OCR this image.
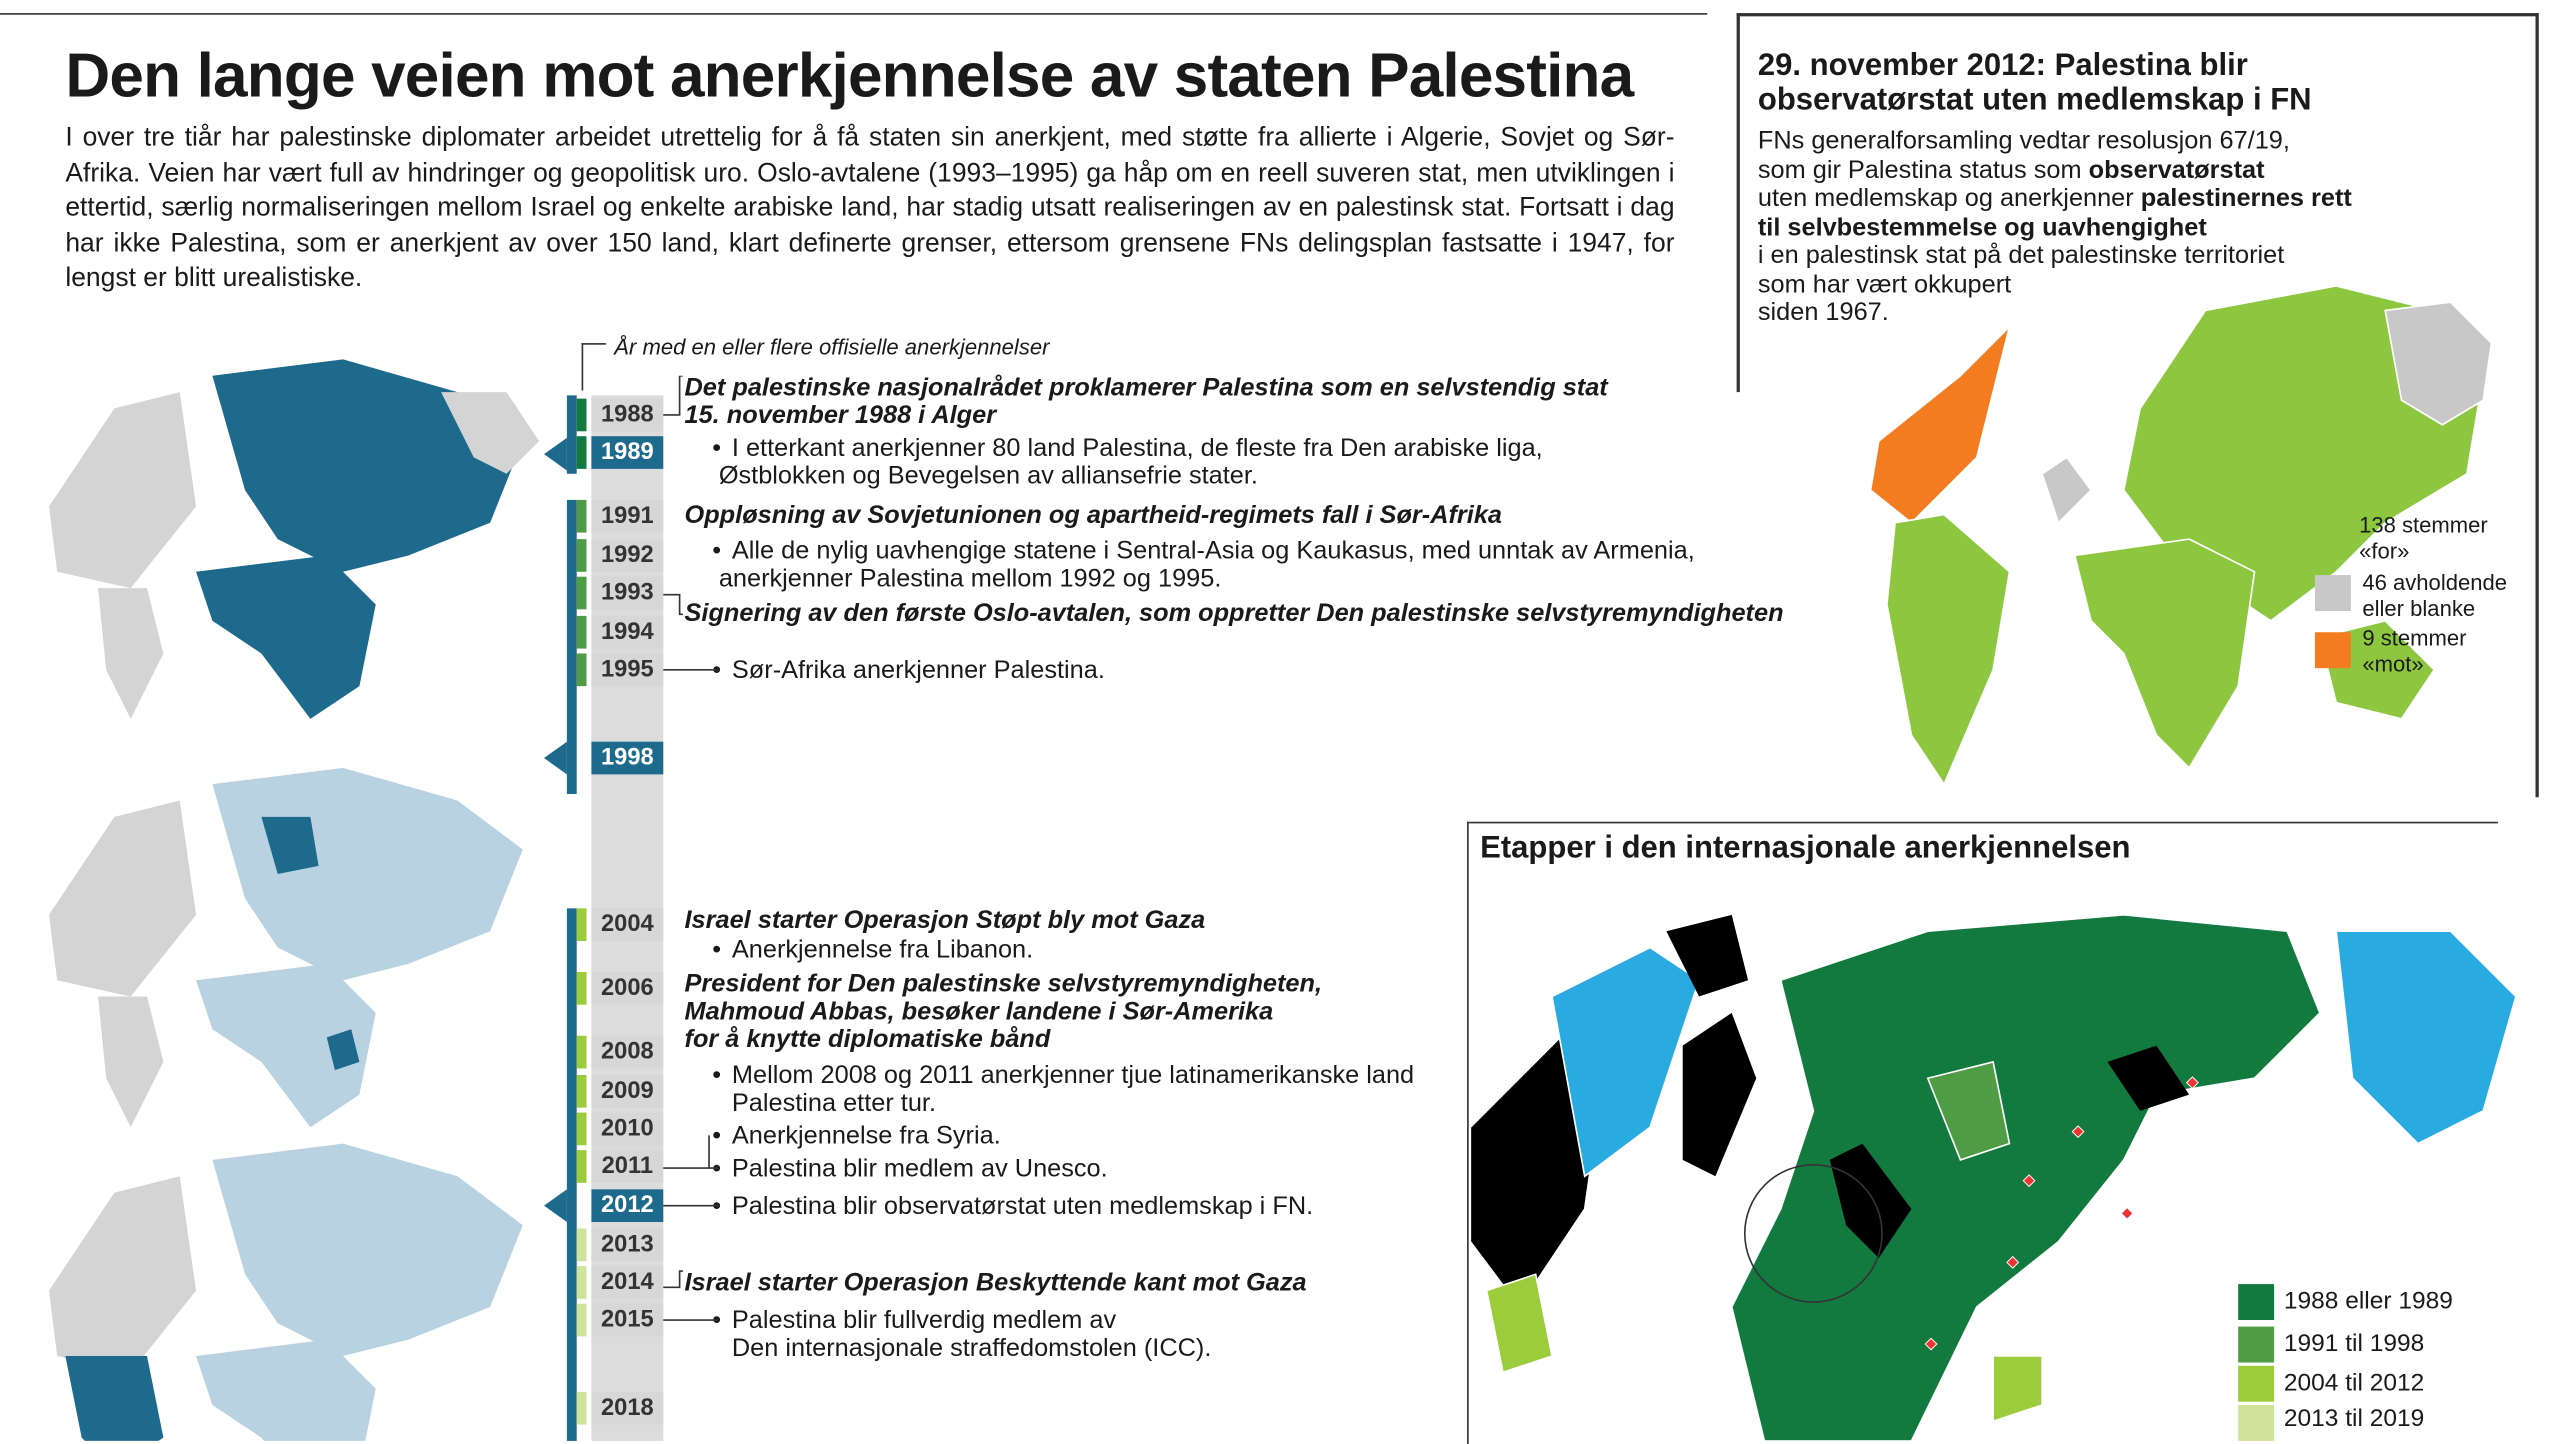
Den lange veien mot anerkjennelse av staten Palestina
I over tre tiår har palestinske diplomater arbeidet utrettelig for å få staten sin anerkjent, med støtte fra allierte i Algerie, Sovjet og Sør-Afrika. Veien har vært full av hindringer og geopolitisk uro. Oslo-avtalene (1993–1995) ga håp om en reell suveren stat, men utviklingen i ettertid, særlig normaliseringen mellom Israel og enkelte arabiske land, har stadig utsatt realiseringen av en palestinsk stat. Fortsatt i dag har ikke Palestina, som er anerkjent av over 150 land, klart definerte grenser, ettersom grensene FNs delingsplan fastsatte i 1947, for lengst er blitt urealistiske.
29. november 2012: Palestina blir
observatørstat uten medlemskap i FN
FNs generalforsamling vedtar resolusjon 67/19,
som gir Palestina status som observatørstat
uten medlemskap og anerkjenner palestinernes rett
til selvbestemmelse og uavhengighet
i en palestinsk stat på det palestinske territoriet
som har vært okkupert
siden 1967.
138 stemmer
«for»
46 avholdende
eller blanke
9 stemmer
«mot»
År med en eller flere offisielle anerkjennelser
1988
1989
1991
1992
1993
1994
1995
1998
2004
2006
2008
2009
2010
2011
2012
2013
2014
2015
2018
Det palestinske nasjonalrådet proklamerer Palestina som en selvstendig stat
15. november 1988 i Alger
• I etterkant anerkjenner 80 land Palestina, de fleste fra Den arabiske liga,
Østblokken og Bevegelsen av alliansefrie stater.
Oppløsning av Sovjetunionen og apartheid-regimets fall i Sør-Afrika
• Alle de nylig uavhengige statene i Sentral-Asia og Kaukasus, med unntak av Armenia,
anerkjenner Palestina mellom 1992 og 1995.
Signering av den første Oslo-avtalen, som oppretter Den palestinske selvstyremyndigheten
• Sør-Afrika anerkjenner Palestina.
Israel starter Operasjon Støpt bly mot Gaza
• Anerkjennelse fra Libanon.
President for Den palestinske selvstyremyndigheten,
Mahmoud Abbas, besøker landene i Sør-Amerika
for å knytte diplomatiske bånd
• Mellom 2008 og 2011 anerkjenner tjue latinamerikanske land
Palestina etter tur.
• Anerkjennelse fra Syria.
• Palestina blir medlem av Unesco.
• Palestina blir observatørstat uten medlemskap i FN.
Israel starter Operasjon Beskyttende kant mot Gaza
• Palestina blir fullverdig medlem av
Den internasjonale straffedomstolen (ICC).
Etapper i den internasjonale anerkjennelsen
1988 eller 1989
1991 til 1998
2004 til 2012
2013 til 2019
